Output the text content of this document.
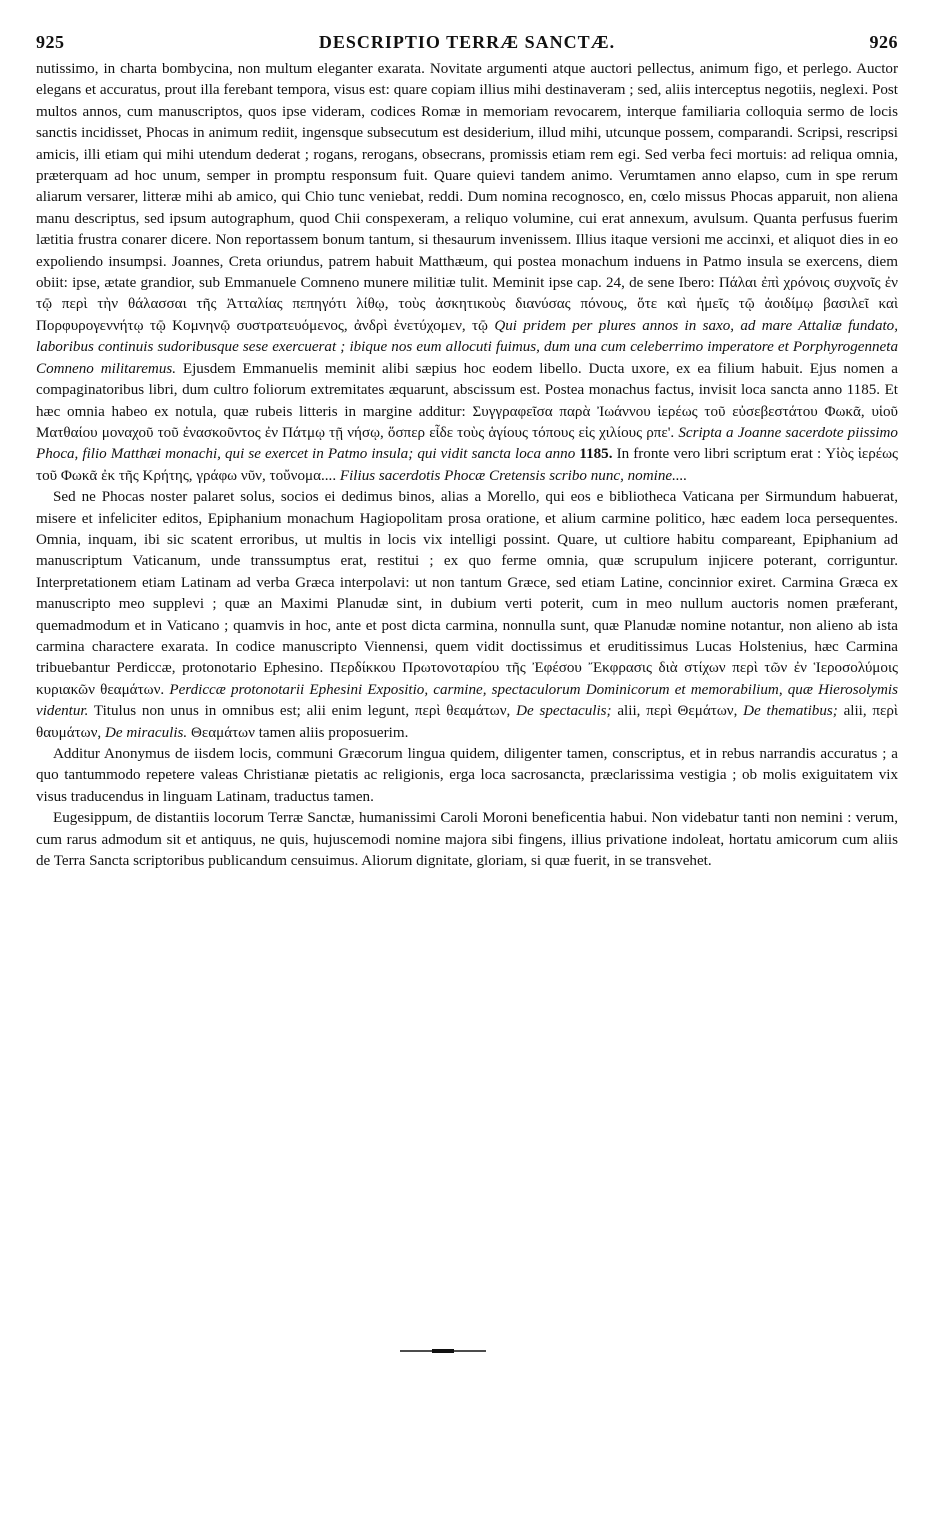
925	DESCRIPTIO TERRÆ SANCTÆ.	926

nutissimo, in charta bombycina, non multum eleganter exarata. Novitate argumenti atque auctori pellectus, animum figo, et perlego. Auctor elegans et accuratus, prout illa ferebant tempora, visus est: quare copiam illius mihi destinaveram ; sed, aliis interceptus negotiis, neglexi. Post multos annos, cum manuscriptos, quos ipse videram, codices Romæ in memoriam revocarem, interque familiaria colloquia sermo de locis sanctis incidisset, Phocas in animum rediit, ingensque subsecutum est desiderium, illud mihi, utcunque possem, comparandi. Scripsi, rescripsi amicis, illi etiam qui mihi utendum dederat ; rogans, rerogans, obsecrans, promissis etiam rem egi. Sed verba feci mortuis: ad reliqua omnia, præterquam ad hoc unum, semper in promptu responsum fuit. Quare quievi tandem animo. Verumtamen anno elapso, cum in spe rerum aliarum versarer, litteræ mihi ab amico, qui Chio tunc veniebat, reddi. Dum nomina recognosco, en, cœlo missus Phocas apparuit, non aliena manu descriptus, sed ipsum autographum, quod Chii conspexeram, a reliquo volumine, cui erat annexum, avulsum. Quanta perfusus fuerim lætitia frustra conarer dicere. Non reportassem bonum tantum, si thesaurum invenissem. Illius itaque versioni me accinxi, et aliquot dies in eo expoliendo insumpsi. Joannes, Creta oriundus, patrem habuit Matthæum, qui postea monachum induens in Patmo insula se exercens, diem obiit: ipse, ætate grandior, sub Emmanuele Comneno munere militiæ tulit. Meminit ipse cap. 24, de sene Ibero: Πάλαι ἐπὶ χρόνοις συχνοῖς ἐν τῷ περὶ τὴν θάλασσαι τῆς Ἀτταλίας πεπηγότι λίθῳ, τοὺς ἀσκητικοὺς διανύσας πόνους, ὅτε καὶ ἡμεῖς τῷ ἀοιδίμῳ βασιλεῖ καὶ Πορφυρογεννήτῳ τῷ Κομνηνῷ συστρατευόμενος, ἀνδρὶ ἐνετύχομεν, τῷ Qui pridem per plures annos in saxo, ad mare Attaliæ fundato, laboribus continuis sudoribusque sese exercuerat ; ibique nos eum allocuti fuimus, dum una cum celeberrimo imperatore et Porphyrogenneta Comneno militaremus. Ejusdem Emmanuelis meminit alibi sæpius hoc eodem libello. Ducta uxore, ex ea filium habuit. Ejus nomen a compaginatoribus libri, dum cultro foliorum extremitates æquarunt, abscissum est. Postea monachus factus, invisit loca sancta anno 1185. Et hæc omnia habeo ex notula, quæ rubeis litteris in margine additur: Συγγραφεῖσα παρὰ Ἰωάννου ἱερέως τοῦ εὐσεβεστάτου Φωκᾶ, υἱοῦ Ματθαίου μοναχοῦ τοῦ ἐνασκοῦντος ἐν Πάτμῳ τῇ νήσῳ, ὅσπερ εἶδε τοὺς ἁγίους τόπους εἰς χιλίους ρπε'. Scripta a Joanne sacerdote piissimo Phoca, filio Matthæi monachi, qui se exercet in Patmo insula; qui vidit sancta loca anno 1185. In fronte vero libri scriptum erat : Υἱὸς ἱερέως τοῦ Φωκᾶ ἐκ τῆς Κρήτης, γράφω νῦν, τοὔνομα.... Filius sacerdotis Phocæ Cretensis scribo nunc, nomine....

Sed ne Phocas noster palaret solus, socios ei dedimus binos, alias a Morello, qui eos e bibliotheca Vaticana per Sirmundum habuerat, misere et infeliciter editos, Epiphanium monachum Hagiopolitam prosa oratione, et alium carmine politico, hæc eadem loca persequentes. Omnia, inquam, ibi sic scatent erroribus, ut multis in locis vix intelligi possint. Quare, ut cultiore habitu compareant, Epiphanium ad manuscriptum Vaticanum, unde transsumptus erat, restitui ; ex quo ferme omnia, quæ scrupulum injicere poterant, corriguntur. Interpretationem etiam Latinam ad verba Græca interpolavi: ut non tantum Græce, sed etiam Latine, concinnior exiret. Carmina Græca ex manuscripto meo supplevi ; quæ an Maximi Planudæ sint, in dubium verti poterit, cum in meo nullum auctoris nomen præferant, quemadmodum et in Vaticano ; quamvis in hoc, ante et post dicta carmina, nonnulla sunt, quæ Planudæ nomine notantur, non alieno ab ista carmina charactere exarata. In codice manuscripto Viennensi, quem vidit doctissimus et eruditissimus Lucas Holstenius, hæc Carmina tribuebantur Perdiccæ, protonotario Ephesino. Περδίκκου Πρωτονοταρίου τῆς Ἐφέσου Ἔκφρασις διὰ στίχων περὶ τῶν ἐν Ἱεροσολύμοις κυριακῶν θεαμάτων. Perdiccæ protonotarii Ephesini Expositio, carmine, spectaculorum Dominicorum et memorabilium, quæ Hierosolymis videntur. Titulus non unus in omnibus est; alii enim legunt, περὶ θεαμάτων, De spectaculis; alii, περὶ Θεμάτων, De thematibus; alii, περὶ θαυμάτων, De miraculis. Θεαμάτων tamen aliis proposuerim.

Additur Anonymus de iisdem locis, communi Græcorum lingua quidem, diligenter tamen, conscriptus, et in rebus narrandis accuratus ; a quo tantummodo repetere valeas Christianæ pietatis ac religionis, erga loca sacrosancta, præclarissima vestigia ; ob molis exiguitatem vix visus traducendus in linguam Latinam, traductus tamen.

Eugesippum, de distantiis locorum Terræ Sanctæ, humanissimi Caroli Moroni beneficentia habui. Non videbatur tanti non nemini : verum, cum rarus admodum sit et antiquus, ne quis, hujuscemodi nomine majora sibi fingens, illius privatione indoleat, hortatu amicorum cum aliis de Terra Sancta scriptoribus publicandum censuimus. Aliorum dignitate, gloriam, si quæ fuerit, in se transvehet.
